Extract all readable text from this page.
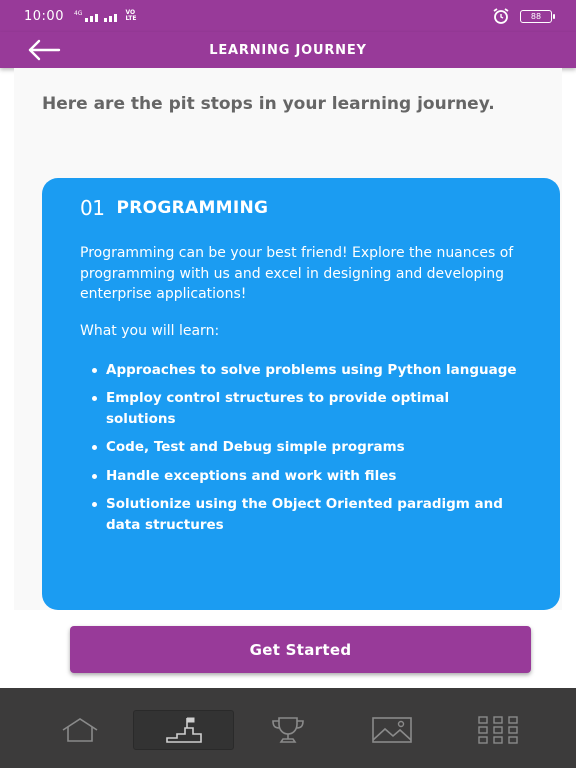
10:00 4G	VO
LTE	88
LEARNING JOURNEY
Here are the pit stops in your learning journey.
01 PROGRAMMING
Programming can be your best friend! Explore the nuances of programming with us and excel in designing and developing enterprise applications!
What you will learn:
Approaches to solve problems using Python language
Employ control structures to provide optimal solutions
Code, Test and Debug simple programs
Handle exceptions and work with files
Solutionize using the Object Oriented paradigm and data structures
Get Started
